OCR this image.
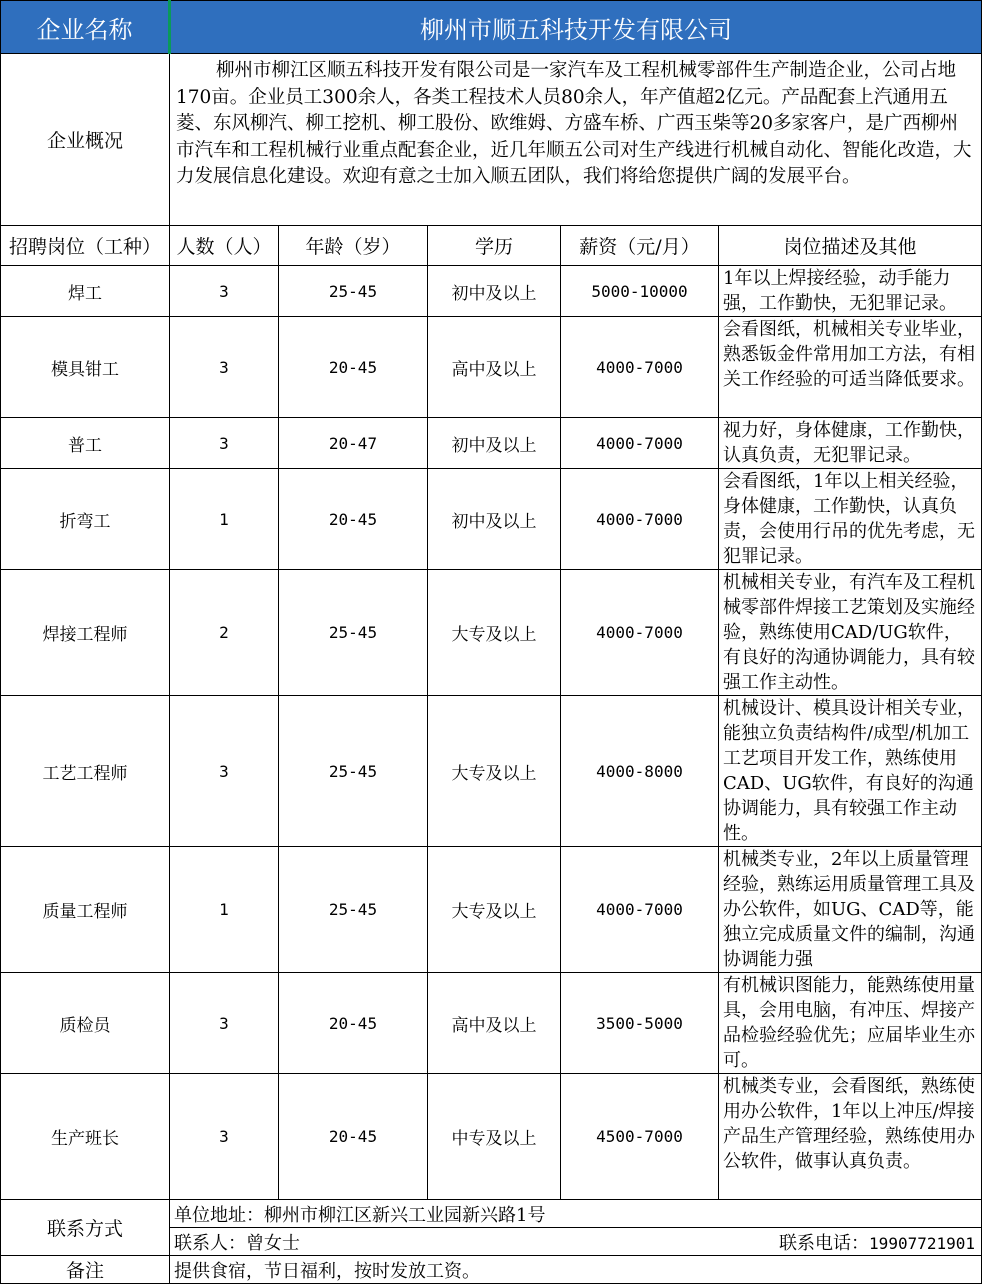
企业名称	柳州市顺五科技开发有限公司				
企业概况	柳州市柳江区顺五科技开发有限公司是一家汽车及工程机械零部件生产制造企业，公司占地170亩。企业员工300余人，各类工程技术人员80余人，年产值超2亿元。产品配套上汽通用五菱、东风柳汽、柳工挖机、柳工股份、欧维姆、方盛车桥、广西玉柴等20多家客户，是广西柳州市汽车和工程机械行业重点配套企业，近几年顺五公司对生产线进行机械自动化、智能化改造，大力发展信息化建设。欢迎有意之士加入顺五团队，我们将给您提供广阔的发展平台。				
招聘岗位（工种）	人数（人）	年龄（岁）	学历	薪资（元/月）	岗位描述及其他
焊工	3	25-45	初中及以上	5000-10000	1年以上焊接经验，动手能力强，工作勤快，无犯罪记录。
模具钳工	3	20-45	高中及以上	4000-7000	会看图纸，机械相关专业毕业，熟悉钣金件常用加工方法，有相关工作经验的可适当降低要求。
普工	3	20-47	初中及以上	4000-7000	视力好，身体健康，工作勤快，认真负责，无犯罪记录。
折弯工	1	20-45	初中及以上	4000-7000	会看图纸，1年以上相关经验，身体健康，工作勤快，认真负责，会使用行吊的优先考虑，无犯罪记录。
焊接工程师	2	25-45	大专及以上	4000-7000	机械相关专业，有汽车及工程机械零部件焊接工艺策划及实施经验，熟练使用CAD/UG软件，有良好的沟通协调能力，具有较强工作主动性。
工艺工程师	3	25-45	大专及以上	4000-8000	机械设计、模具设计相关专业，能独立负责结构件/成型/机加工工艺项目开发工作，熟练使用CAD、UG软件，有良好的沟通协调能力，具有较强工作主动性。
质量工程师	1	25-45	大专及以上	4000-7000	机械类专业，2年以上质量管理经验，熟练运用质量管理工具及办公软件，如UG、CAD等，能独立完成质量文件的编制，沟通协调能力强
质检员	3	20-45	高中及以上	3500-5000	有机械识图能力，能熟练使用量具，会用电脑，有冲压、焊接产品检验经验优先；应届毕业生亦可。
生产班长	3	20-45	中专及以上	4500-7000	机械类专业，会看图纸，熟练使用办公软件，1年以上冲压/焊接产品生产管理经验，熟练使用办公软件，做事认真负责。
联系方式	单位地址：柳州市柳江区新兴工业园新兴路1号				
	联系人：曾女士 联系电话：19907721901				

备注	提供食宿，节日福利，按时发放工资。				
